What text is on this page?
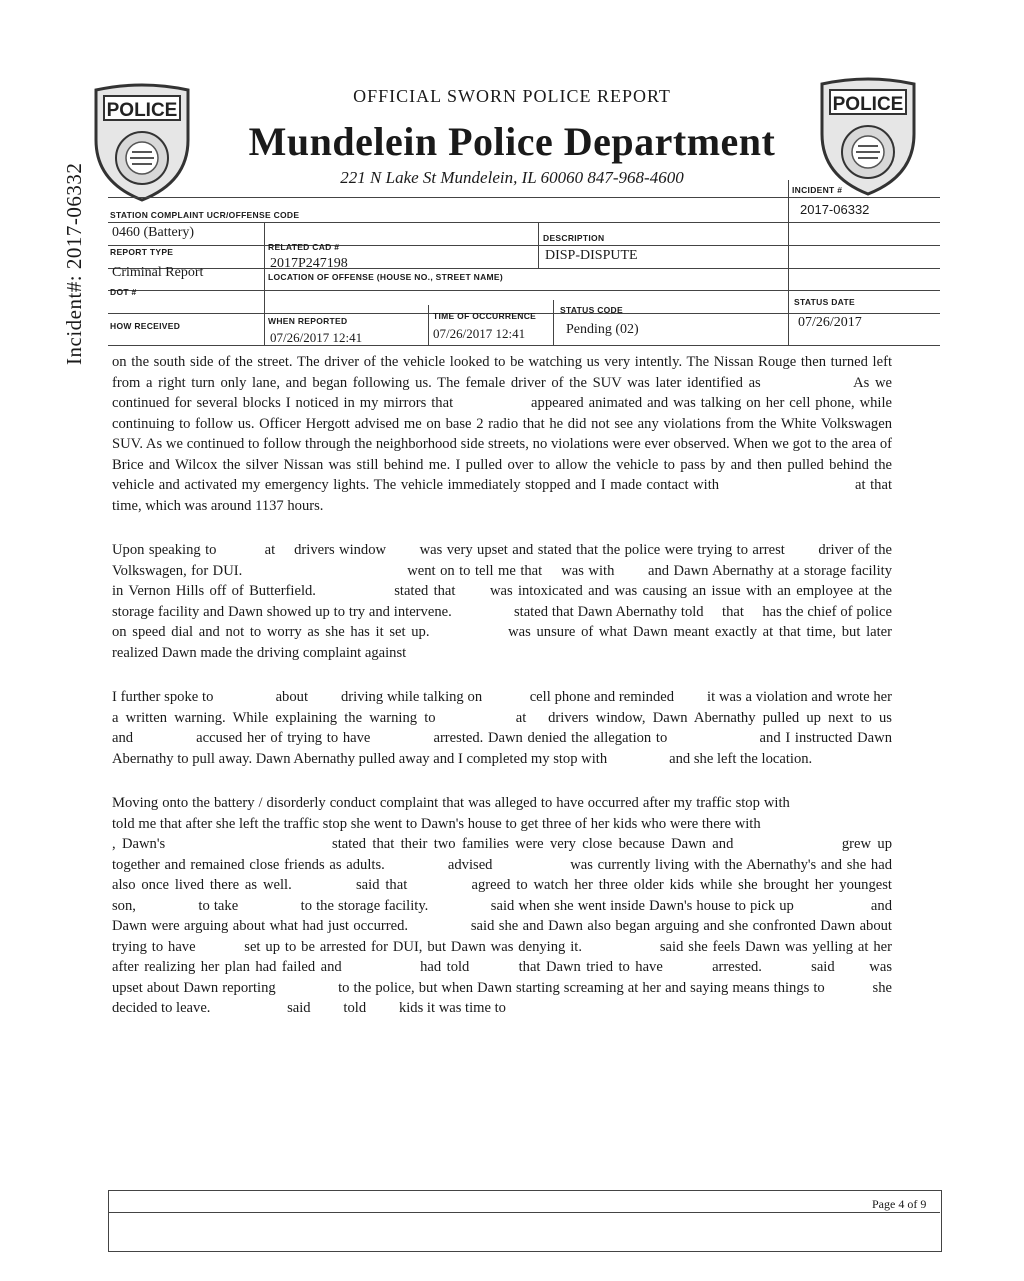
Incident#: 2017-06332
POLICE	POLICE
OFFICIAL SWORN POLICE REPORT
Mundelein Police Department
221 N Lake St Mundelein, IL 60060 847-968-4600
INCIDENT #
2017-06332
STATION COMPLAINT UCR/OFFENSE CODE
0460 (Battery)
REPORT TYPE
Criminal Report
DOT #
HOW RECEIVED
RELATED CAD #
2017P247198
LOCATION OF OFFENSE (HOUSE NO., STREET NAME)
DESCRIPTION
DISP-DISPUTE
WHEN REPORTED
07/26/2017 12:41
TIME OF OCCURRENCE
07/26/2017 12:41
STATUS CODE
Pending (02)
STATUS DATE
07/26/2017

on the south side of the street. The driver of the vehicle looked to be watching us very intently. The Nissan Rouge then turned left from a right turn only lane, and began following us. The female driver of the SUV was later identified as       As we continued for several blocks I noticed in my mirrors that      appeared animated and was talking on her cell phone, while continuing to follow us. Officer Hergott advised me on base 2 radio that he did not see any violations from the White Volkswagen SUV. As we continued to follow through the neighborhood side streets, no violations were ever observed. When we got to the area of Brice and Wilcox the silver Nissan was still behind me. I pulled over to allow the vehicle to pass by and then pulled behind the vehicle and activated my emergency lights. The vehicle immediately stopped and I made contact with          at that time, which was around 1137 hours.

Upon speaking to    at  drivers window   was very upset and stated that the police were trying to arrest   driver of the Volkswagen, for DUI.            went on to tell me that  was with   and Dawn Abernathy at a storage facility in Vernon Hills off of Butterfield.      stated that   was intoxicated and was causing an issue with an employee at the storage facility and Dawn showed up to try and intervene.     stated that Dawn Abernathy told  that  has the chief of police on speed dial and not to worry as she has it set up.      was unsure of what Dawn meant exactly at that time, but later realized Dawn made the driving complaint against

I further spoke to     about   driving while talking on    cell phone and reminded   it was a violation and wrote her a written warning. While explaining the warning to      at  drivers window, Dawn Abernathy pulled up next to us and     accused her of trying to have     arrested. Dawn denied the allegation to       and I instructed Dawn Abernathy to pull away. Dawn Abernathy pulled away and I completed my stop with     and she left the location.

Moving onto the battery / disorderly conduct complaint that was alleged to have occurred after my traffic stop with        told me that after she left the traffic stop she went to Dawn's house to get three of her kids who were there with          , Dawn's            stated that their two families were very close because Dawn and        grew up together and remained close friends as adults.     advised      was currently living with the Abernathy's and she had also once lived there as well.     said that     agreed to watch her three older kids while she brought her youngest son,     to take     to the storage facility.     said when she went inside Dawn's house to pick up      and Dawn were arguing about what had just occurred.     said she and Dawn also began arguing and she confronted Dawn about trying to have    set up to be arrested for DUI, but Dawn was denying it.      said she feels Dawn was yelling at her after realizing her plan had failed and      had told    that Dawn tried to have    arrested.    said   was upset about Dawn reporting     to the police, but when Dawn starting screaming at her and saying means things to    she decided to leave.      said   told   kids it was time to

Page 4 of 9
